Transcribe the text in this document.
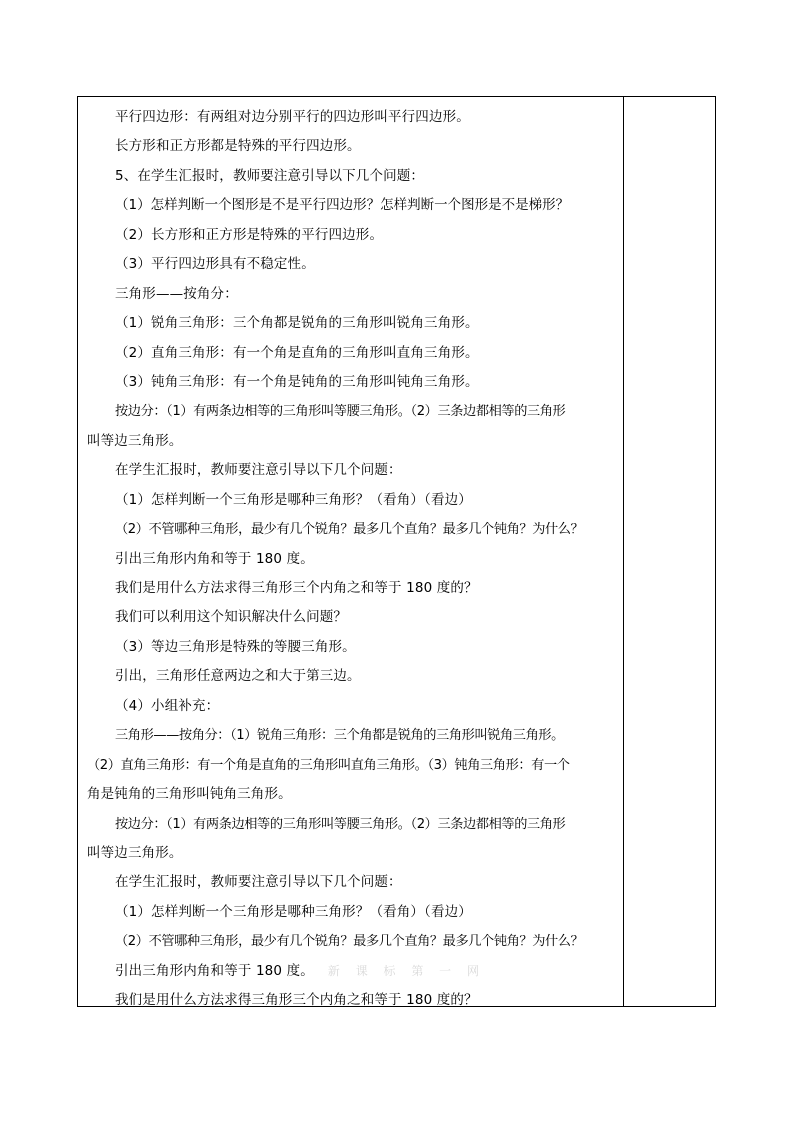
平行四边形：有两组对边分别平行的四边形叫平行四边形。
长方形和正方形都是特殊的平行四边形。
5、在学生汇报时，教师要注意引导以下几个问题：
（1）怎样判断一个图形是不是平行四边形？怎样判断一个图形是不是梯形？
（2）长方形和正方形是特殊的平行四边形。
（3）平行四边形具有不稳定性。
三角形——按角分：
（1）锐角三角形：三个角都是锐角的三角形叫锐角三角形。
（2）直角三角形：有一个角是直角的三角形叫直角三角形。
（3）钝角三角形：有一个角是钝角的三角形叫钝角三角形。
按边分：（1）有两条边相等的三角形叫等腰三角形。（2）三条边都相等的三角形
叫等边三角形。
在学生汇报时，教师要注意引导以下几个问题：
（1）怎样判断一个三角形是哪种三角形？（看角）（看边）
（2）不管哪种三角形，最少有几个锐角？最多几个直角？最多几个钝角？为什么？
引出三角形内角和等于 180 度。
我们是用什么方法求得三角形三个内角之和等于 180 度的？
我们可以利用这个知识解决什么问题？
（3）等边三角形是特殊的等腰三角形。
引出，三角形任意两边之和大于第三边。
（4）小组补充：
三角形——按角分：（1）锐角三角形：三个角都是锐角的三角形叫锐角三角形。
（2）直角三角形：有一个角是直角的三角形叫直角三角形。（3）钝角三角形：有一个
角是钝角的三角形叫钝角三角形。
按边分：（1）有两条边相等的三角形叫等腰三角形。（2）三条边都相等的三角形
叫等边三角形。
在学生汇报时，教师要注意引导以下几个问题：
（1）怎样判断一个三角形是哪种三角形？（看角）（看边）
（2）不管哪种三角形，最少有几个锐角？最多几个直角？最多几个钝角？为什么？
引出三角形内角和等于 180 度。 新 课 标 第 一 网
我们是用什么方法求得三角形三个内角之和等于 180 度的？
